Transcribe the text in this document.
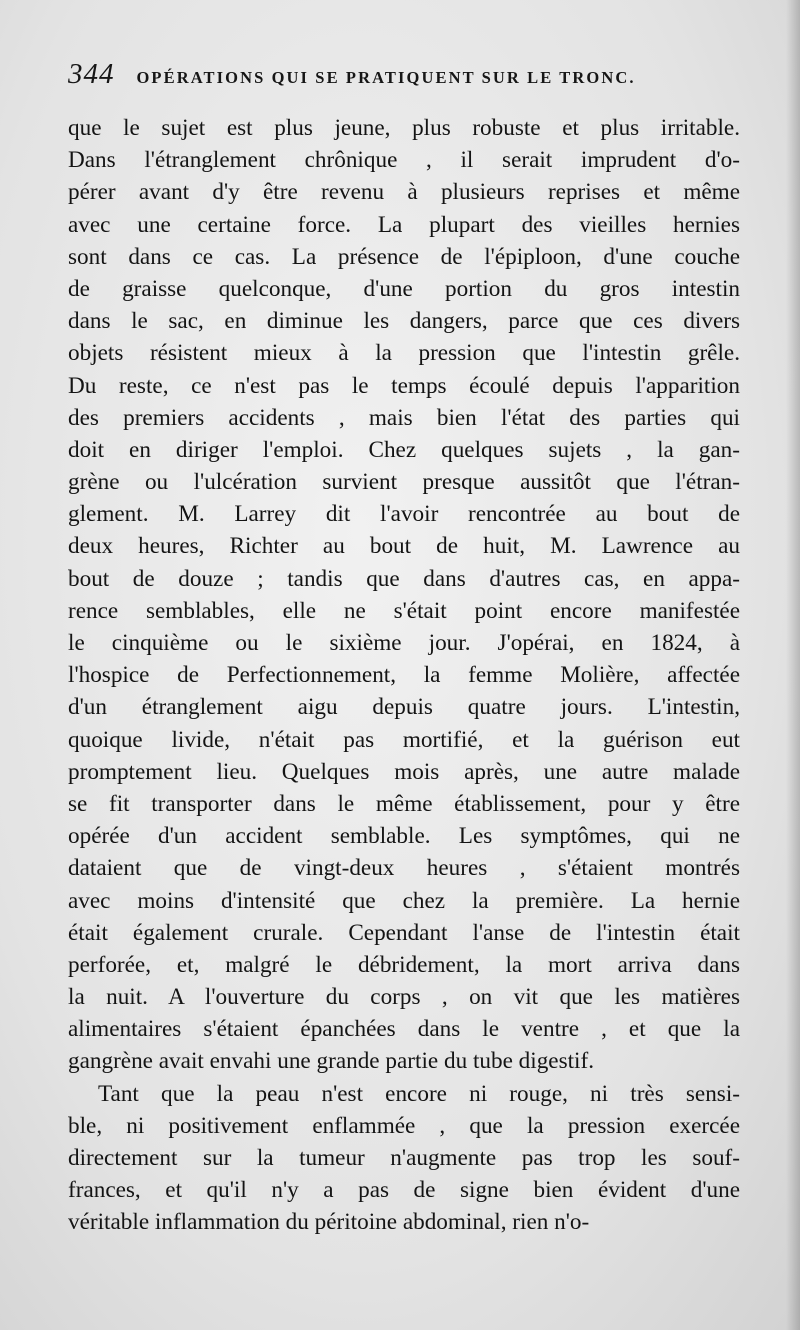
344 OPÉRATIONS QUI SE PRATIQUENT SUR LE TRONC.
que le sujet est plus jeune, plus robuste et plus irritable.
Dans l'étranglement chrônique , il serait imprudent d'o-
pérer avant d'y être revenu à plusieurs reprises et même
avec une certaine force. La plupart des vieilles hernies
sont dans ce cas. La présence de l'épiploon, d'une couche
de graisse quelconque, d'une portion du gros intestin
dans le sac, en diminue les dangers, parce que ces divers
objets résistent mieux à la pression que l'intestin grêle.
Du reste, ce n'est pas le temps écoulé depuis l'apparition
des premiers accidents , mais bien l'état des parties qui
doit en diriger l'emploi. Chez quelques sujets , la gan-
grène ou l'ulcération survient presque aussitôt que l'étran-
glement. M. Larrey dit l'avoir rencontrée au bout de
deux heures, Richter au bout de huit, M. Lawrence au
bout de douze ; tandis que dans d'autres cas, en appa-
rence semblables, elle ne s'était point encore manifestée
le cinquième ou le sixième jour. J'opérai, en 1824, à
l'hospice de Perfectionnement, la femme Molière, affectée
d'un étranglement aigu depuis quatre jours. L'intestin,
quoique livide, n'était pas mortifié, et la guérison eut
promptement lieu. Quelques mois après, une autre malade
se fit transporter dans le même établissement, pour y être
opérée d'un accident semblable. Les symptômes, qui ne
dataient que de vingt-deux heures , s'étaient montrés
avec moins d'intensité que chez la première. La hernie
était également crurale. Cependant l'anse de l'intestin était
perforée, et, malgré le débridement, la mort arriva dans
la nuit. A l'ouverture du corps , on vit que les matières
alimentaires s'étaient épanchées dans le ventre , et que la
gangrène avait envahi une grande partie du tube digestif.
Tant que la peau n'est encore ni rouge, ni très sensi-
ble, ni positivement enflammée , que la pression exercée
directement sur la tumeur n'augmente pas trop les souf-
frances, et qu'il n'y a pas de signe bien évident d'une
véritable inflammation du péritoine abdominal, rien n'o-
